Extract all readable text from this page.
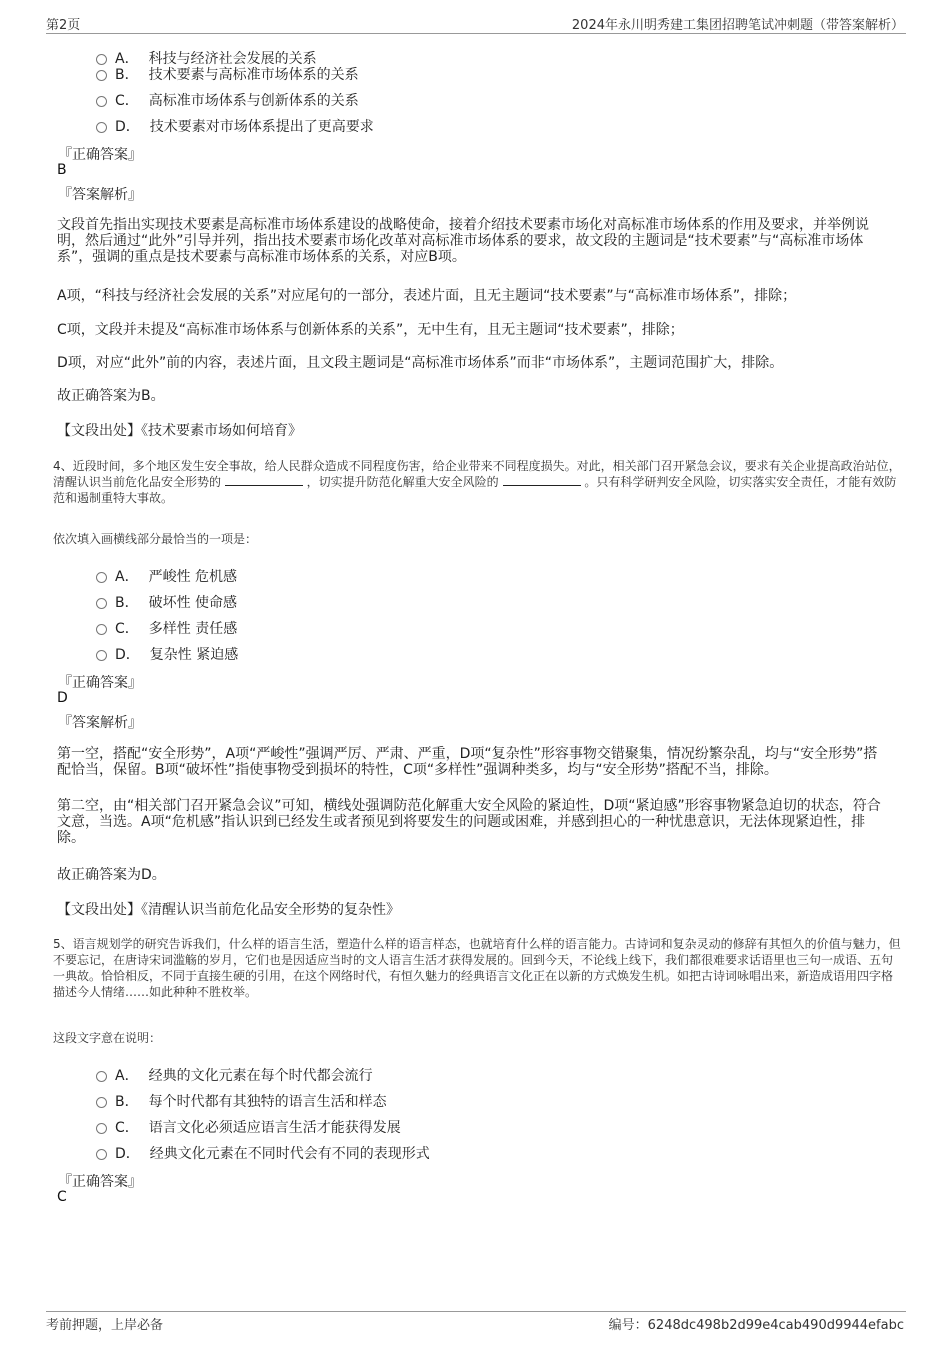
第2页	2024年永川明秀建工集团招聘笔试冲刺题（带答案解析）
A． 科技与经济社会发展的关系
B． 技术要素与高标准市场体系的关系
C． 高标准市场体系与创新体系的关系
D． 技术要素对市场体系提出了更高要求
『正确答案』
B
『答案解析』
文段首先指出实现技术要素是高标准市场体系建设的战略使命，接着介绍技术要素市场化对高标准市场体系的作用及要求，并举例说明，然后通过“此外”引导并列，指出技术要素市场化改革对高标准市场体系的要求，故文段的主题词是“技术要素”与“高标准市场体系”，强调的重点是技术要素与高标准市场体系的关系，对应B项。
A项，“科技与经济社会发展的关系”对应尾句的一部分，表述片面，且无主题词“技术要素”与“高标准市场体系”，排除；
C项，文段并未提及“高标准市场体系与创新体系的关系”，无中生有，且无主题词“技术要素”，排除；
D项，对应“此外”前的内容，表述片面，且文段主题词是“高标准市场体系”而非“市场体系”，主题词范围扩大，排除。
故正确答案为B。
【文段出处】《技术要素市场如何培育》
4、近段时间，多个地区发生安全事故，给人民群众造成不同程度伤害，给企业带来不同程度损失。对此，相关部门召开紧急会议，要求有关企业提高政治站位，清醒认识当前危化品安全形势的	，切实提升防范化解重大安全风险的	。只有科学研判安全风险，切实落实安全责任，才能有效防范和遏制重特大事故。
依次填入画横线部分最恰当的一项是：
A． 严峻性 危机感
B． 破坏性 使命感
C． 多样性 责任感
D． 复杂性 紧迫感
『正确答案』
D
『答案解析』
第一空，搭配“安全形势”，A项“严峻性”强调严厉、严肃、严重，D项“复杂性”形容事物交错聚集，情况纷繁杂乱，均与“安全形势”搭配恰当，保留。B项“破坏性”指使事物受到损坏的特性，C项“多样性”强调种类多，均与“安全形势”搭配不当，排除。
第二空，由“相关部门召开紧急会议”可知，横线处强调防范化解重大安全风险的紧迫性，D项“紧迫感”形容事物紧急迫切的状态，符合文意，当选。A项“危机感”指认识到已经发生或者预见到将要发生的问题或困难，并感到担心的一种忧患意识，无法体现紧迫性，排除。
故正确答案为D。
【文段出处】《清醒认识当前危化品安全形势的复杂性》
5、语言规划学的研究告诉我们，什么样的语言生活，塑造什么样的语言样态，也就培育什么样的语言能力。古诗词和复杂灵动的修辞有其恒久的价值与魅力，但不要忘记，在唐诗宋词滥觞的岁月，它们也是因适应当时的文人语言生活才获得发展的。回到今天，不论线上线下，我们都很难要求话语里也三句一成语、五句一典故。恰恰相反，不同于直接生硬的引用，在这个网络时代，有恒久魅力的经典语言文化正在以新的方式焕发生机。如把古诗词咏唱出来，新造成语用四字格描述今人情绪……如此种种不胜枚举。
这段文字意在说明：
A． 经典的文化元素在每个时代都会流行
B． 每个时代都有其独特的语言生活和样态
C． 语言文化必须适应语言生活才能获得发展
D． 经典文化元素在不同时代会有不同的表现形式
『正确答案』
C
考前押题，上岸必备	编号：6248dc498b2d99e4cab490d9944efabc
